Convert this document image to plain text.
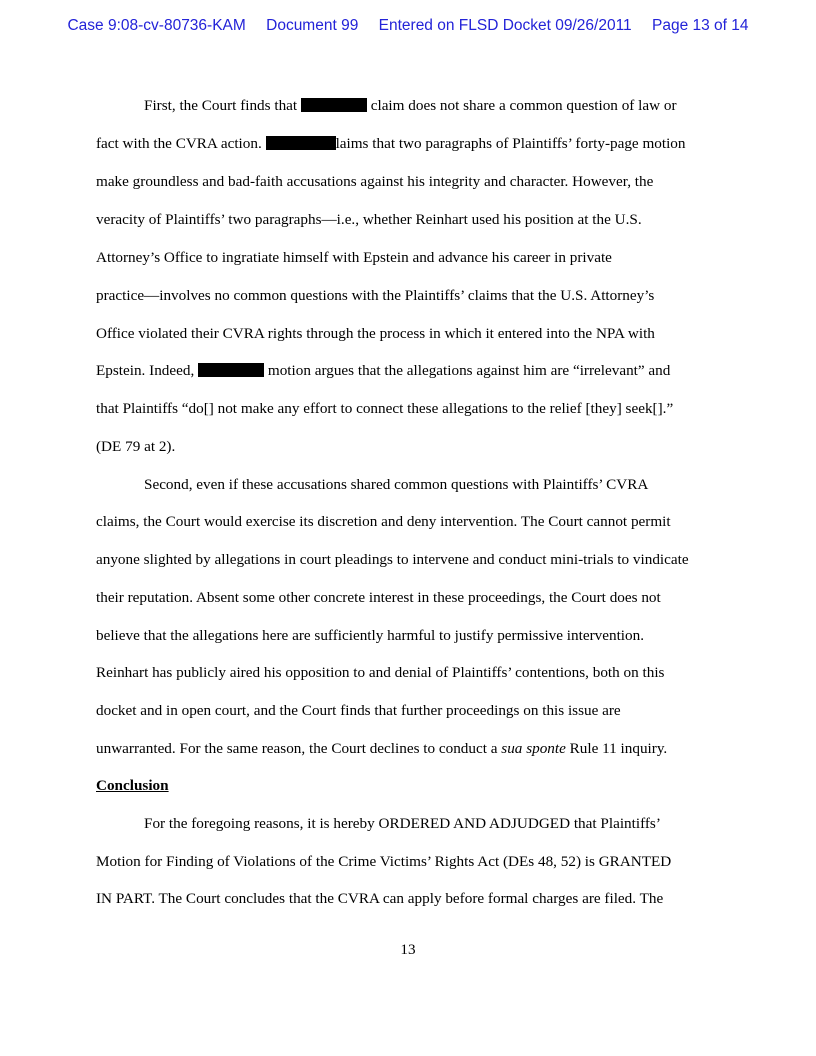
Case 9:08-cv-80736-KAM Document 99 Entered on FLSD Docket 09/26/2011 Page 13 of 14
First, the Court finds that	claim does not share a common question of law or
fact with the CVRA action.	laims that two paragraphs of Plaintiffs’ forty-page motion
make groundless and bad-faith accusations against his integrity and character. However, the
veracity of Plaintiffs’ two paragraphs—i.e., whether Reinhart used his position at the U.S.
Attorney’s Office to ingratiate himself with Epstein and advance his career in private
practice—involves no common questions with the Plaintiffs’ claims that the U.S. Attorney’s
Office violated their CVRA rights through the process in which it entered into the NPA with
Epstein. Indeed,	motion argues that the allegations against him are “irrelevant” and
that Plaintiffs “do[] not make any effort to connect these allegations to the relief [they] seek[].”
(DE 79 at 2).
Second, even if these accusations shared common questions with Plaintiffs’ CVRA
claims, the Court would exercise its discretion and deny intervention. The Court cannot permit
anyone slighted by allegations in court pleadings to intervene and conduct mini-trials to vindicate
their reputation. Absent some other concrete interest in these proceedings, the Court does not
believe that the allegations here are sufficiently harmful to justify permissive intervention.
Reinhart has publicly aired his opposition to and denial of Plaintiffs’ contentions, both on this
docket and in open court, and the Court finds that further proceedings on this issue are
unwarranted. For the same reason, the Court declines to conduct a sua sponte Rule 11 inquiry.
Conclusion
For the foregoing reasons, it is hereby ORDERED AND ADJUDGED that Plaintiffs’
Motion for Finding of Violations of the Crime Victims’ Rights Act (DEs 48, 52) is GRANTED
IN PART. The Court concludes that the CVRA can apply before formal charges are filed. The
13
